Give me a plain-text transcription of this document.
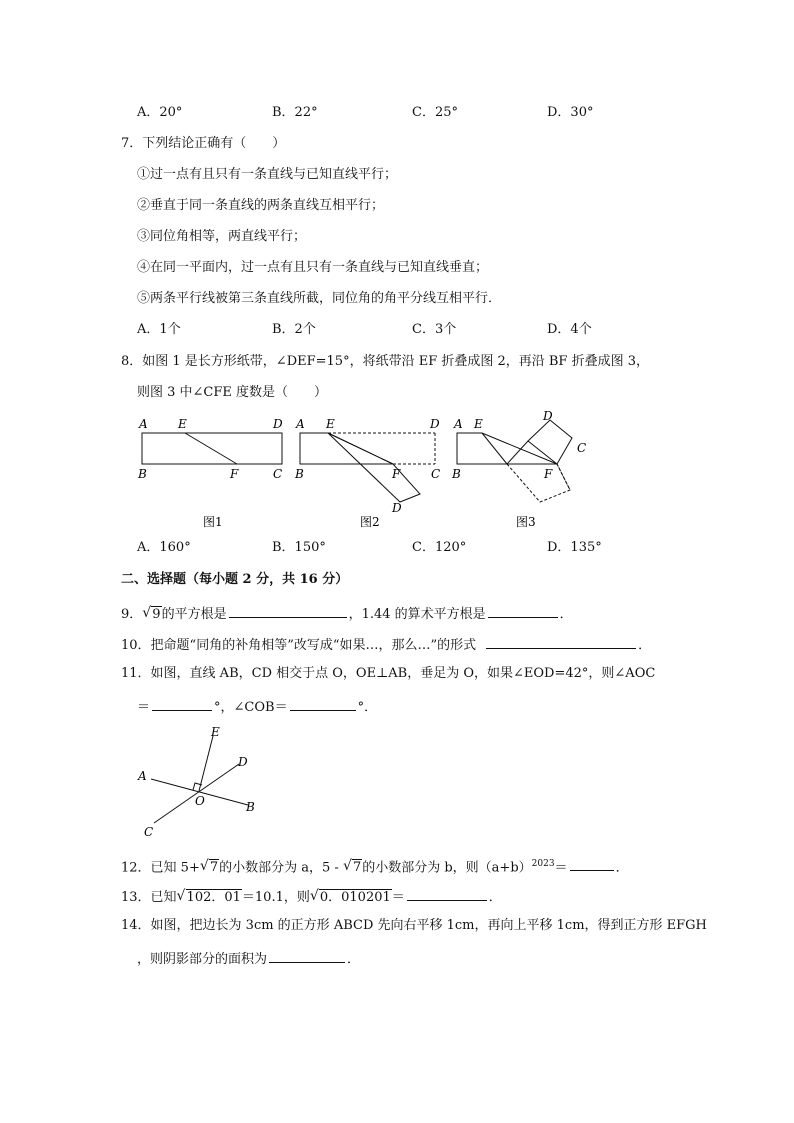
A．20°	B．22°	C．25°	D．30°
7．下列结论正确有（　　）
①过一点有且只有一条直线与已知直线平行；
②垂直于同一条直线的两条直线互相平行；
③同位角相等，两直线平行；
④在同一平面内，过一点有且只有一条直线与已知直线垂直；
⑤两条平行线被第三条直线所截，同位角的角平分线互相平行．
A．1个	B．2个	C．3个	D．4个
8．如图 1 是长方形纸带，∠DEF=15°，将纸带沿 EF 折叠成图 2，再沿 BF 折叠成图 3，
则图 3 中∠CFE 度数是（　　）
A	E	D
B	F	C
图1
A E	D
B	F	C
D
图2
A E
D
C
B	F
图3
A．160°	B．150°	C．120°	D．135°
二、选择题（每小题 2 分，共 16 分）
9． √ 9的平方根是	，1.44 的算术平方根是	．
10．把命题“同角的补角相等”改写成“如果…，那么…”的形式	．
11．如图，直线 AB，CD 相交于点 O，OE⊥AB，垂足为 O，如果∠EOD=42°，则∠AOC
＝	°，∠COB＝	°．
E
D
A
O	B
C
12．已知 5+ √ 7的小数部分为 a，5 - √ 7的小数部分为 b，则$(a+b)^{2023}=$	．
13．已知 √ 102．01＝10.1，则 √ 0．010201＝	．
14．如图，把边长为 3cm 的正方形 ABCD 先向右平移 1cm，再向上平移 1cm，得到正方形 EFGH
，则阴影部分的面积为	．
